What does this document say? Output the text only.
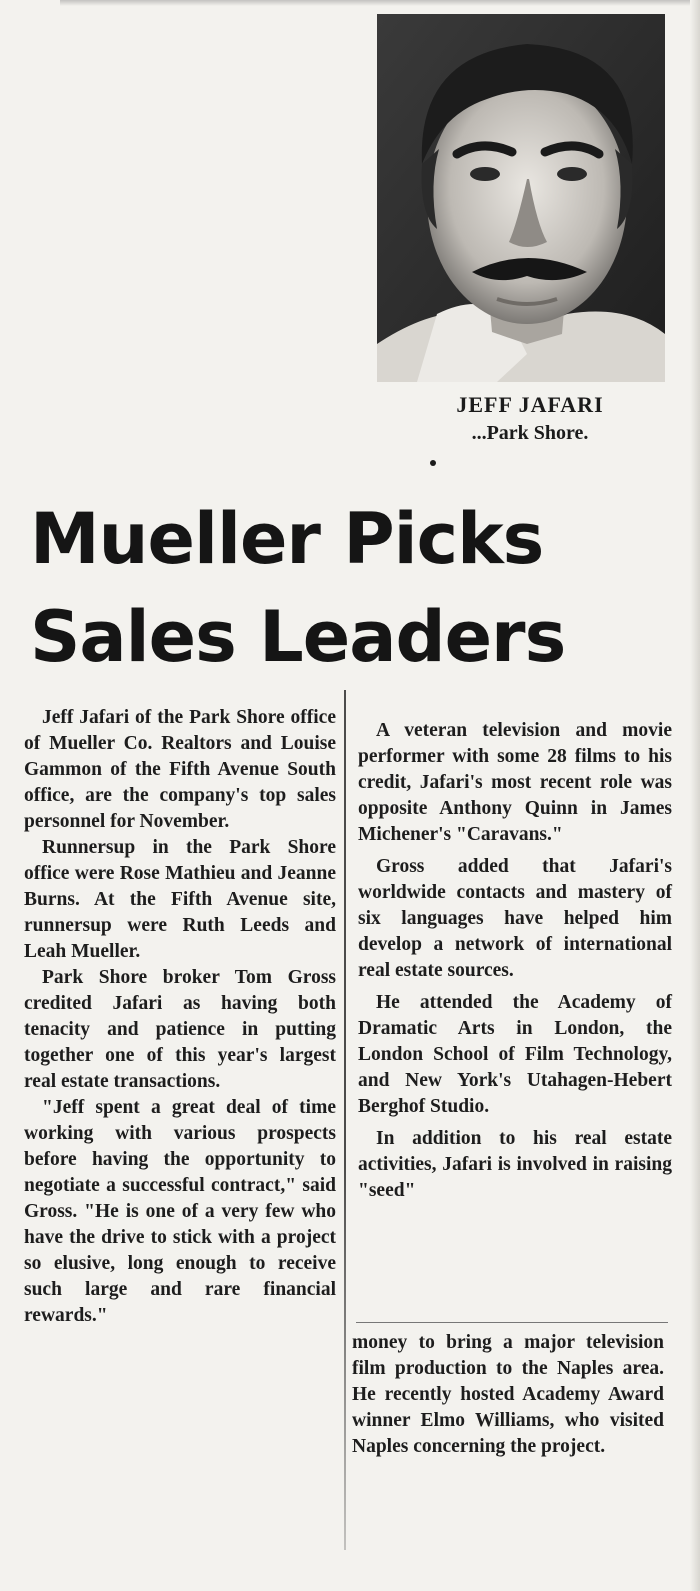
JEFF JAFARI
...Park Shore.
Mueller Picks
Sales Leaders

Jeff Jafari of the Park Shore office of Mueller Co. Realtors and Louise Gammon of the Fifth Avenue South office, are the company's top sales personnel for November.

Runnersup in the Park Shore office were Rose Mathieu and Jeanne Burns. At the Fifth Avenue site, runnersup were Ruth Leeds and Leah Mueller.

Park Shore broker Tom Gross credited Jafari as having both tenacity and patience in putting together one of this year's largest real estate transactions.

"Jeff spent a great deal of time working with various prospects before having the opportunity to negotiate a successful contract," said Gross. "He is one of a very few who have the drive to stick with a project so elusive, long enough to receive such large and rare financial rewards."

A veteran television and movie performer with some 28 films to his credit, Jafari's most recent role was opposite Anthony Quinn in James Michener's "Caravans."

Gross added that Jafari's worldwide contacts and mastery of six languages have helped him develop a network of international real estate sources.

He attended the Academy of Dramatic Arts in London, the London School of Film Technology, and New York's Utahagen-Hebert Berghof Studio.

In addition to his real estate activities, Jafari is involved in raising "seed"

money to bring a major television film production to the Naples area. He recently hosted Academy Award winner Elmo Williams, who visited Naples concerning the project.
